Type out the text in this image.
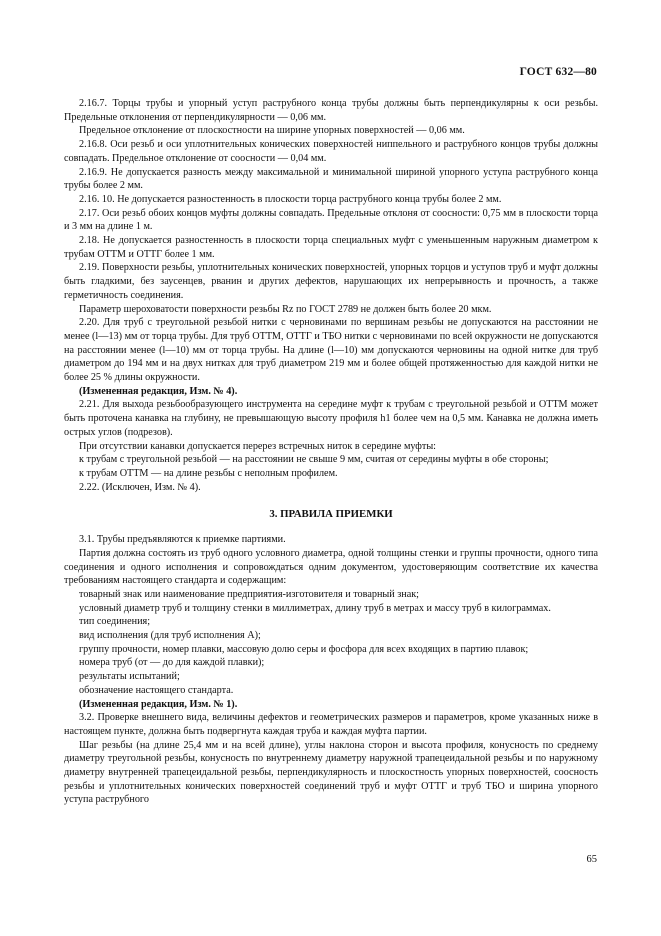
ГОСТ 632—80

2.16.7. Торцы трубы и упорный уступ раструбного конца трубы должны быть перпендикулярны к оси резьбы. Предельные отклонения от перпендикулярности — 0,06 мм.

Предельное отклонение от плоскостности на ширине упорных поверхностей — 0,06 мм.

2.16.8. Оси резьб и оси уплотнительных конических поверхностей ниппельного и раструбного концов трубы должны совпадать. Предельное отклонение от соосности — 0,04 мм.

2.16.9. Не допускается разность между максимальной и минимальной шириной упорного уступа раструбного конца трубы более 2 мм.

2.16. 10. Не допускается разностенность в плоскости торца раструбного конца трубы более 2 мм.

2.17. Оси резьб обоих концов муфты должны совпадать. Предельные отклоня от соосности: 0,75 мм в плоскости торца и 3 мм на длине 1 м.

2.18. Не допускается разностенность в плоскости торца специальных муфт с уменьшенным наружным диаметром к трубам ОТТМ и ОТТГ более 1 мм.

2.19. Поверхности резьбы, уплотнительных конических поверхностей, упорных торцов и уступов труб и муфт должны быть гладкими, без заусенцев, рванин и других дефектов, нарушающих их непрерывность и прочность, а также герметичность соединения.

Параметр шероховатости поверхности резьбы Rz по ГОСТ 2789 не должен быть более 20 мкм.

2.20. Для труб с треугольной резьбой нитки с черновинами по вершинам резьбы не допускаются на расстоянии не менее (l—13) мм от торца трубы. Для труб ОТТМ, ОТТГ и ТБО нитки с черновинами по всей окружности не допускаются на расстоянии менее (l—10) мм от торца трубы. На длине (l—10) мм допускаются черновины на одной нитке для труб диаметром до 194 мм и на двух нитках для труб диаметром 219 мм и более общей протяженностью для каждой нитки не более 25 % длины окружности.

(Измененная редакция, Изм. № 4).

2.21. Для выхода резьбообразующего инструмента на середине муфт к трубам с треугольной резьбой и ОТТМ может быть проточена канавка на глубину, не превышающую высоту профиля h1 более чем на 0,5 мм. Канавка не должна иметь острых углов (подрезов).

При отсутствии канавки допускается перерез встречных ниток в середине муфты:

к трубам с треугольной резьбой — на расстоянии не свыше 9 мм, считая от середины муфты в обе стороны;

к трубам ОТТМ — на длине резьбы с неполным профилем.

2.22. (Исключен, Изм. № 4).

3. ПРАВИЛА ПРИЕМКИ

3.1. Трубы предъявляются к приемке партиями.

Партия должна состоять из труб одного условного диаметра, одной толщины стенки и группы прочности, одного типа соединения и одного исполнения и сопровождаться одним документом, удостоверяющим соответствие их качества требованиям настоящего стандарта и содержащим:

товарный знак или наименование предприятия-изготовителя и товарный знак;

условный диаметр труб и толщину стенки в миллиметрах, длину труб в метрах и массу труб в килограммах.

тип соединения;

вид исполнения (для труб исполнения А);

группу прочности, номер плавки, массовую долю серы и фосфора для всех входящих в партию плавок;

номера труб (от — до для каждой плавки);

результаты испытаний;

обозначение настоящего стандарта.

(Измененная редакция, Изм. № 1).

3.2. Проверке внешнего вида, величины дефектов и геометрических размеров и параметров, кроме указанных ниже в настоящем пункте, должна быть подвергнута каждая труба и каждая муфта партии.

Шаг резьбы (на длине 25,4 мм и на всей длине), углы наклона сторон и высота профиля, конусность по среднему диаметру треугольной резьбы, конусность по внутреннему диаметру наружной трапецеидальной резьбы и по наружному диаметру внутренней трапецеидальной резьбы, перпендикулярность и плоскостность упорных поверхностей, соосность резьбы и уплотнительных конических поверхностей соединений труб и муфт ОТТГ и труб ТБО и ширина упорного уступа раструбного

65
